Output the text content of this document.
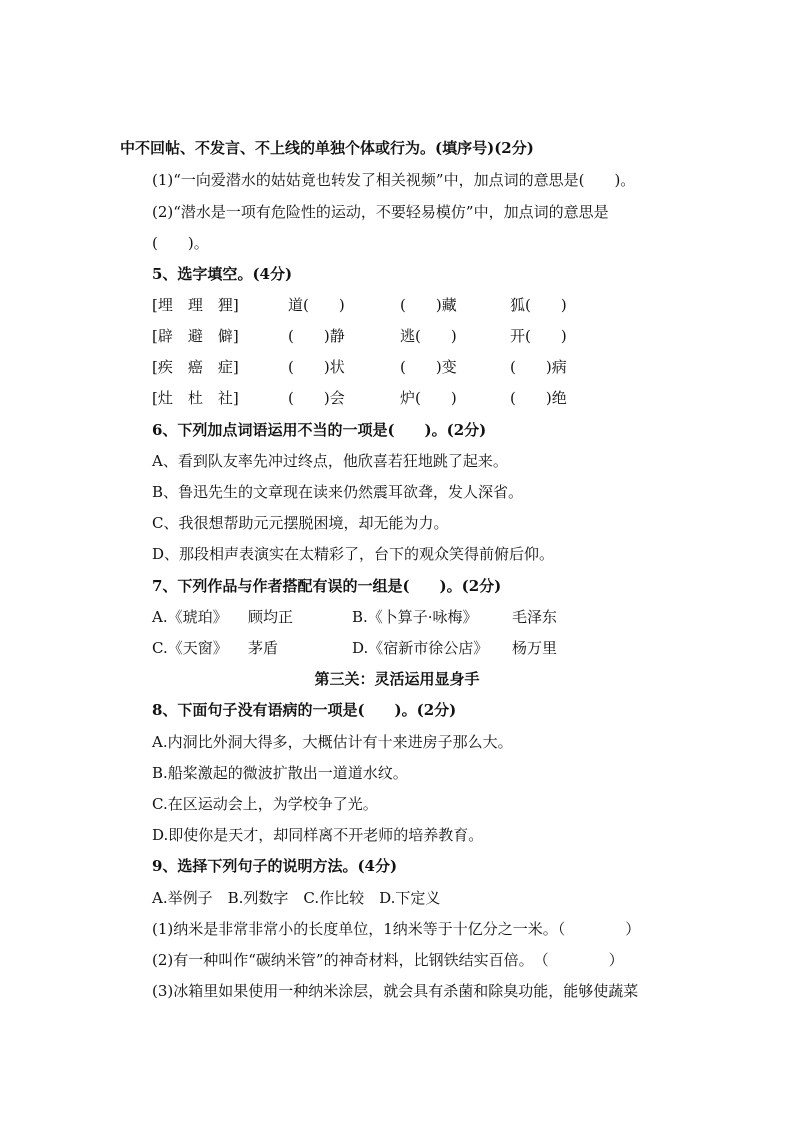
中不回帖、不发言、不上线的单独个体或行为。(填序号)(2分)
(1)“一向爱潜水的姑姑竟也转发了相关视频”中，加点词的意思是(　　)。
(2)“潜水是一项有危险性的运动，不要轻易模仿”中，加点词的意思是
(　　)。
5、选字填空。(4分)
[埋　理　狸]	道(　　)	(　　)藏	狐(　　)
[辟　避　僻]	(　　)静	逃(　　)	开(　　)
[疾　癌　症]	(　　)状	(　　)变	(　　)病
[灶　杜　社]	(　　)会	炉(　　)	(　　)绝
6、下列加点词语运用不当的一项是(　　)。(2分)
A、看到队友率先冲过终点，他欣喜若狂地跳了起来。
B、鲁迅先生的文章现在读来仍然震耳欲聋，发人深省。
C、我很想帮助元元摆脱困境，却无能为力。
D、那段相声表演实在太精彩了，台下的观众笑得前俯后仰。
7、下列作品与作者搭配有误的一组是(　　)。(2分)
A.《琥珀》 顾均正	B.《卜算子·咏梅》 毛泽东
C.《天窗》 茅盾	D.《宿新市徐公店》 杨万里
第三关：灵活运用显身手
8、下面句子没有语病的一项是(　　)。(2分)
A.内洞比外洞大得多，大概估计有十来进房子那么大。
B.船桨激起的微波扩散出一道道水纹。
C.在区运动会上，为学校争了光。
D.即使你是天才，却同样离不开老师的培养教育。
9、选择下列句子的说明方法。(4分)
A.举例子　B.列数字　C.作比较　D.下定义
(1)纳米是非常非常小的长度单位，1纳米等于十亿分之一米。（　　　　）
(2)有一种叫作“碳纳米管”的神奇材料，比钢铁结实百倍。　（　　　　）
(3)冰箱里如果使用一种纳米涂层，就会具有杀菌和除臭功能，能够使蔬菜
